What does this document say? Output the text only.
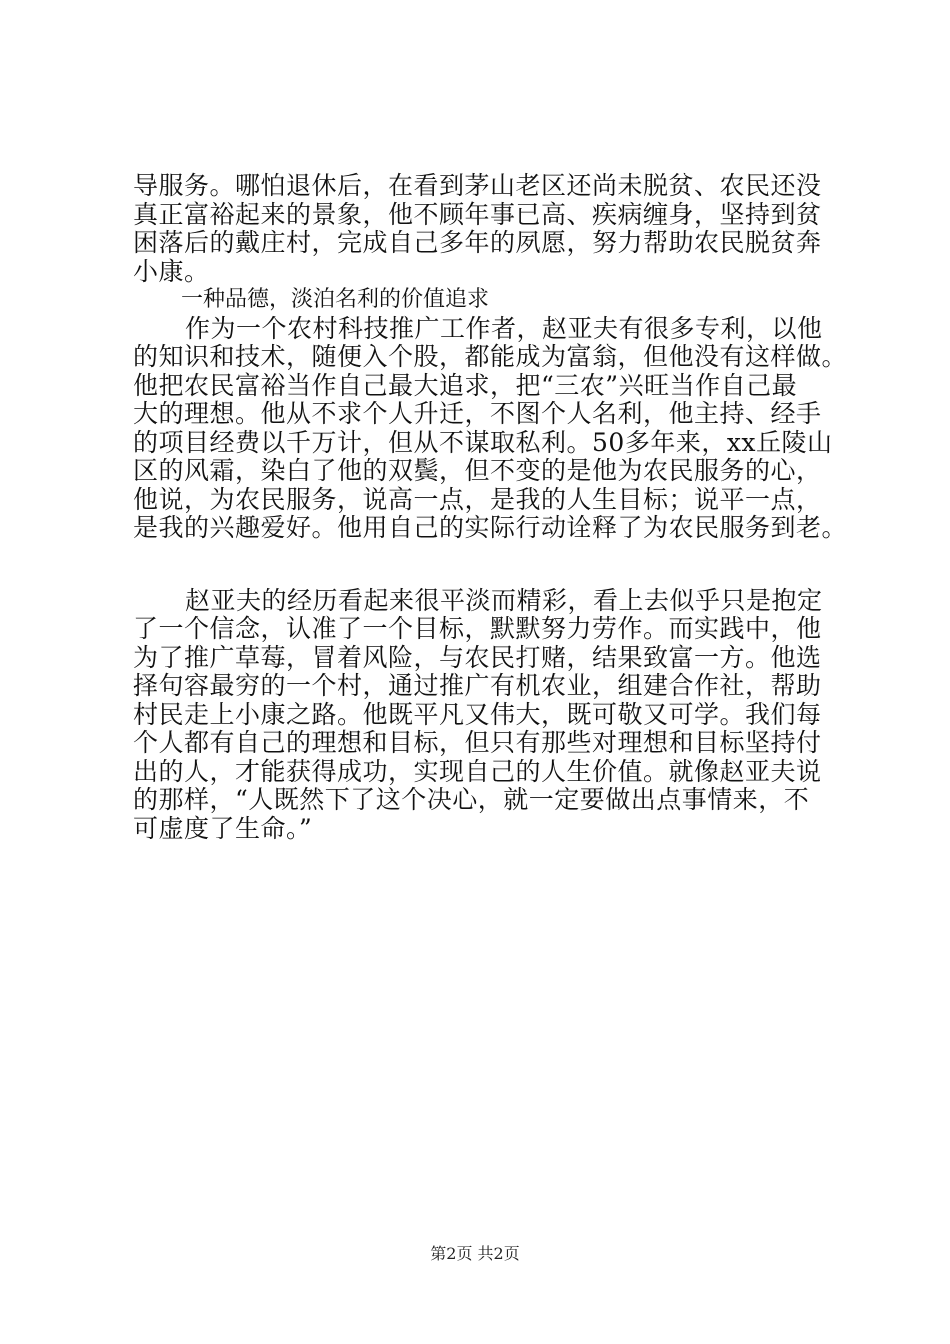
导服务。哪怕退休后，在看到茅山老区还尚未脱贫、农民还没
真正富裕起来的景象，他不顾年事已高、疾病缠身，坚持到贫
困落后的戴庄村，完成自己多年的夙愿，努力帮助农民脱贫奔
小康。
一种品德，淡泊名利的价值追求
作为一个农村科技推广工作者，赵亚夫有很多专利，以他
的知识和技术，随便入个股，都能成为富翁，但他没有这样做。
他把农民富裕当作自己最大追求，把“三农”兴旺当作自己最
大的理想。他从不求个人升迁，不图个人名利，他主持、经手
的项目经费以千万计，但从不谋取私利。50多年来，xx丘陵山
区的风霜，染白了他的双鬓，但不变的是他为农民服务的心，
他说，为农民服务，说高一点，是我的人生目标；说平一点，
是我的兴趣爱好。他用自己的实际行动诠释了为农民服务到老。
赵亚夫的经历看起来很平淡而精彩，看上去似乎只是抱定
了一个信念，认准了一个目标，默默努力劳作。而实践中，他
为了推广草莓，冒着风险，与农民打赌，结果致富一方。他选
择句容最穷的一个村，通过推广有机农业，组建合作社，帮助
村民走上小康之路。他既平凡又伟大，既可敬又可学。我们每
个人都有自己的理想和目标，但只有那些对理想和目标坚持付
出的人，才能获得成功，实现自己的人生价值。就像赵亚夫说
的那样，“人既然下了这个决心，就一定要做出点事情来，不
可虚度了生命。”
第2页 共2页
